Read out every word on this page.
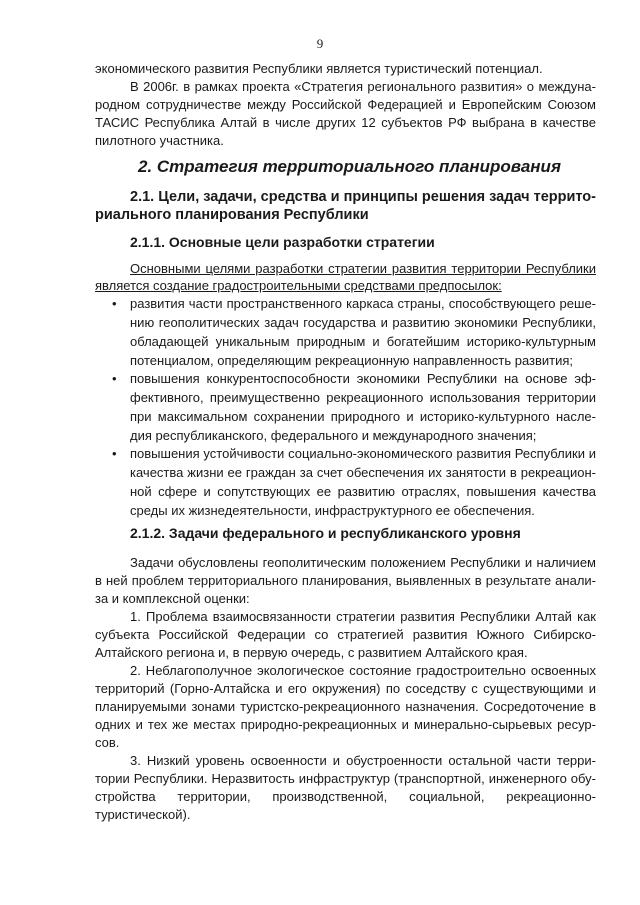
9
экономического развития Республики является туристический потенциал.
В 2006г. в рамках проекта «Стратегия регионального развития» о междуна-
родном сотрудничестве между Российской Федерацией и Европейским Союзом
ТАСИС Республика Алтай в числе других 12 субъектов РФ выбрана в качестве
пилотного участника.
2. Стратегия территориального планирования
2.1. Цели, задачи, средства и принципы решения задач террито-
риального планирования Республики
2.1.1. Основные цели разработки стратегии
Основными целями разработки стратегии развития территории Республики
является создание градостроительными средствами предпосылок:
• развития части пространственного каркаса страны, способствующего реше-
нию геополитических задач государства и развитию экономики Республики,
обладающей уникальным природным и богатейшим историко-культурным
потенциалом, определяющим рекреационную направленность развития;
• повышения конкурентоспособности экономики Республики на основе эф-
фективного, преимущественно рекреационного использования территории
при максимальном сохранении природного и историко-культурного насле-
дия республиканского, федерального и международного значения;
• повышения устойчивости социально-экономического развития Республики и
качества жизни ее граждан за счет обеспечения их занятости в рекреацион-
ной сфере и сопутствующих ее развитию отраслях, повышения качества
среды их жизнедеятельности, инфраструктурного ее обеспечения.
2.1.2. Задачи федерального и республиканского уровня
Задачи обусловлены геополитическим положением Республики и наличием
в ней проблем территориального планирования, выявленных в результате анали-
за и комплексной оценки:
1. Проблема взаимосвязанности стратегии развития Республики Алтай как
субъекта Российской Федерации со стратегией развития Южного Сибирско-
Алтайского региона и, в первую очередь, с развитием Алтайского края.
2. Неблагополучное экологическое состояние градостроительно освоенных
территорий (Горно-Алтайска и его окружения) по соседству с существующими и
планируемыми зонами туристско-рекреационного назначения. Сосредоточение в
одних и тех же местах природно-рекреационных и минерально-сырьевых ресур-
сов.
3. Низкий уровень освоенности и обустроенности остальной части терри-
тории Республики. Неразвитость инфраструктур (транспортной, инженерного обу-
стройства территории, производственной, социальной, рекреационно-
туристической).
